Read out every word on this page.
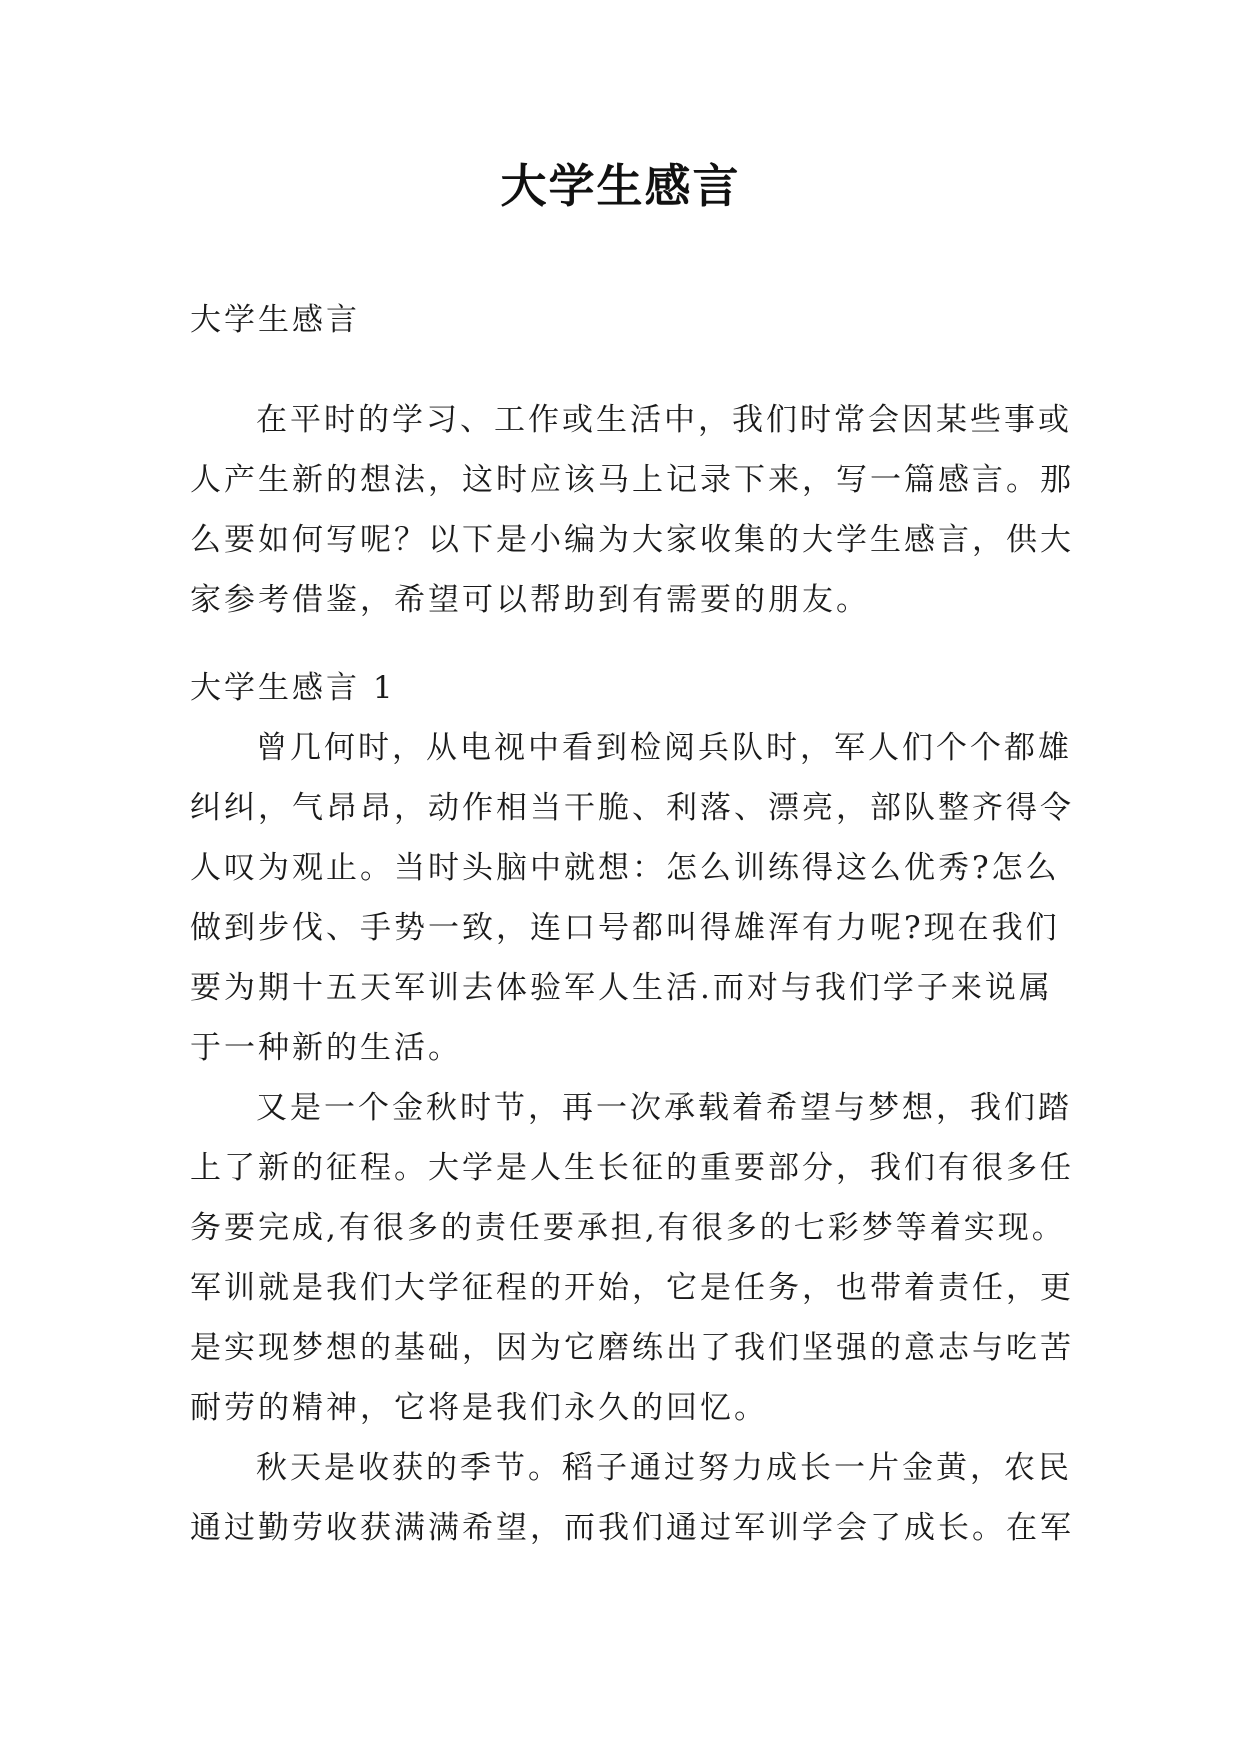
大学生感言

大学生感言

在平时的学习、工作或生活中，我们时常会因某些事或

人产生新的想法，这时应该马上记录下来，写一篇感言。那

么要如何写呢？以下是小编为大家收集的大学生感言，供大

家参考借鉴，希望可以帮助到有需要的朋友。

大学生感言 1

曾几何时，从电视中看到检阅兵队时，军人们个个都雄

纠纠，气昂昂，动作相当干脆、利落、漂亮，部队整齐得令

人叹为观止。当时头脑中就想：怎么训练得这么优秀?怎么

做到步伐、手势一致，连口号都叫得雄浑有力呢?现在我们

要为期十五天军训去体验军人生活.而对与我们学子来说属

于一种新的生活。

又是一个金秋时节，再一次承载着希望与梦想，我们踏

上了新的征程。大学是人生长征的重要部分，我们有很多任

务要完成,有很多的责任要承担,有很多的七彩梦等着实现。

军训就是我们大学征程的开始，它是任务，也带着责任，更

是实现梦想的基础，因为它磨练出了我们坚强的意志与吃苦

耐劳的精神，它将是我们永久的回忆。

秋天是收获的季节。稻子通过努力成长一片金黄，农民

通过勤劳收获满满希望，而我们通过军训学会了成长。在军
